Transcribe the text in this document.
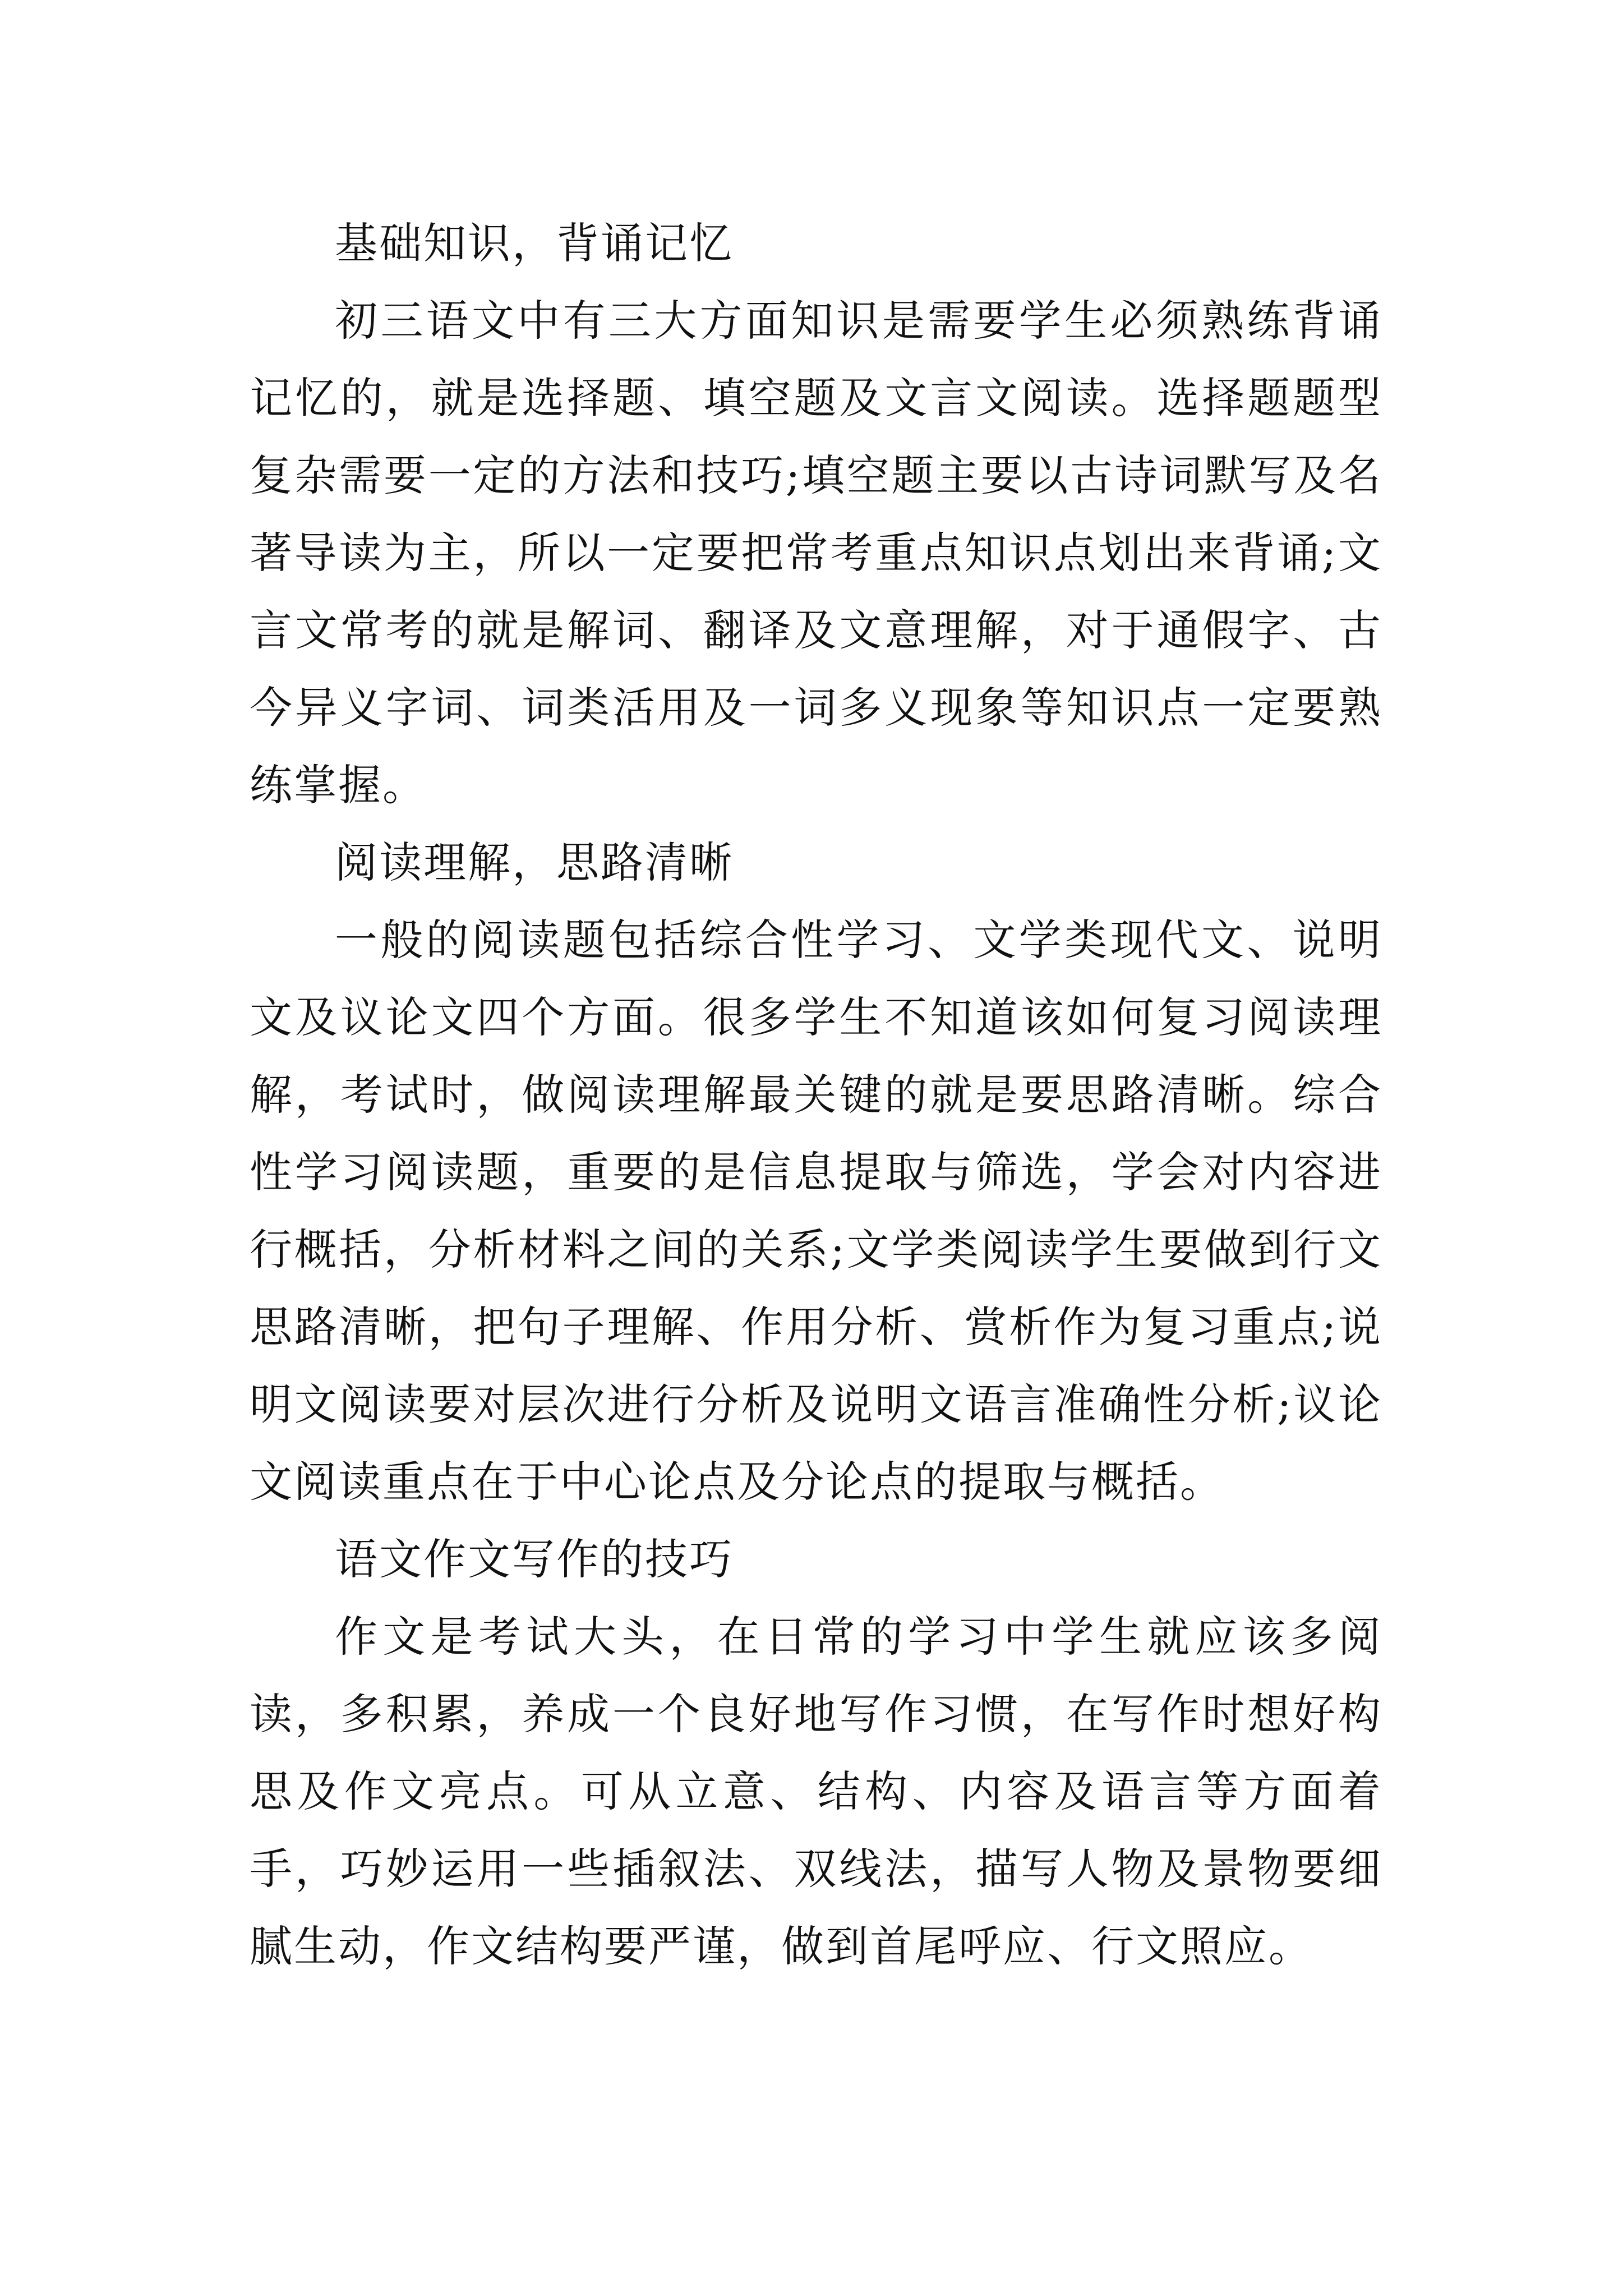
基础知识，背诵记忆

初三语文中有三大方面知识是需要学生必须熟练背诵记忆的，就是选择题、填空题及文言文阅读。选择题题型复杂需要一定的方法和技巧;填空题主要以古诗词默写及名著导读为主，所以一定要把常考重点知识点划出来背诵;文言文常考的就是解词、翻译及文意理解，对于通假字、古今异义字词、词类活用及一词多义现象等知识点一定要熟练掌握。

阅读理解，思路清晰

一般的阅读题包括综合性学习、文学类现代文、说明文及议论文四个方面。很多学生不知道该如何复习阅读理解，考试时，做阅读理解最关键的就是要思路清晰。综合性学习阅读题，重要的是信息提取与筛选，学会对内容进行概括，分析材料之间的关系;文学类阅读学生要做到行文思路清晰，把句子理解、作用分析、赏析作为复习重点;说明文阅读要对层次进行分析及说明文语言准确性分析;议论文阅读重点在于中心论点及分论点的提取与概括。

语文作文写作的技巧

作文是考试大头，在日常的学习中学生就应该多阅读，多积累，养成一个良好地写作习惯，在写作时想好构思及作文亮点。可从立意、结构、内容及语言等方面着手，巧妙运用一些插叙法、双线法，描写人物及景物要细腻生动，作文结构要严谨，做到首尾呼应、行文照应。
